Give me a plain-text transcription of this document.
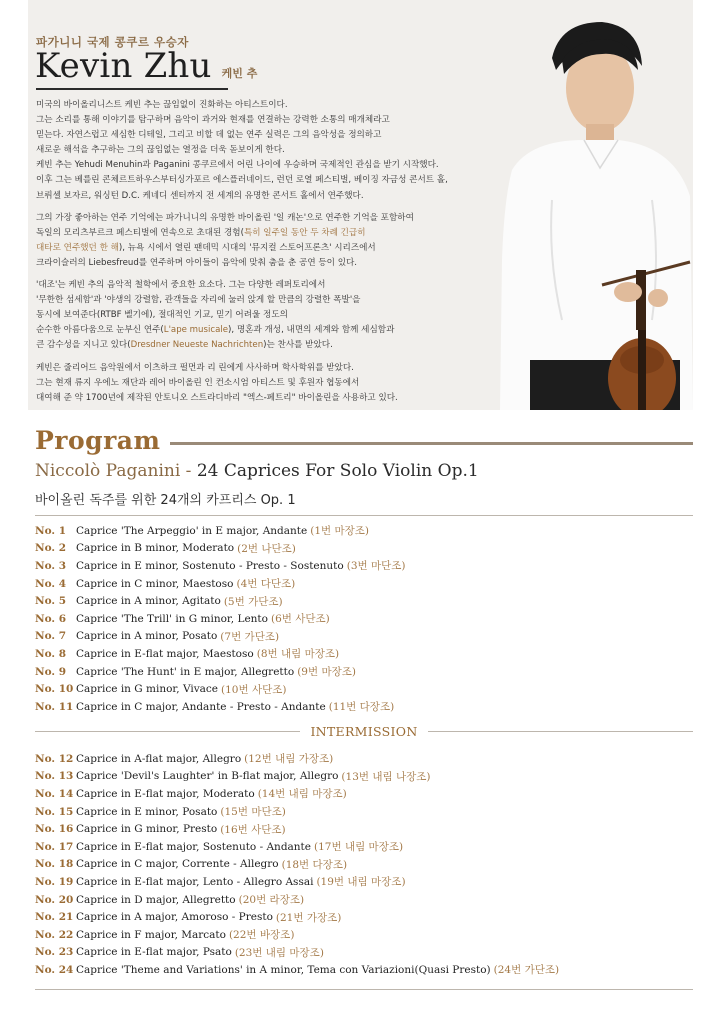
파가니니 국제 콩쿠르 우승자
Kevin Zhu 케빈 추

미국의 바이올리니스트 케빈 추는 끊임없이 진화하는 아티스트이다.
그는 소리를 통해 이야기를 탐구하며 음악이 과거와 현재를 연결하는 강력한 소통의 매개체라고
믿는다. 자연스럽고 세심한 디테일, 그리고 비할 데 없는 연주 실력은 그의 음악성을 정의하고
새로운 해석을 추구하는 그의 끊임없는 열정을 더욱 돋보이게 한다.
케빈 추는 Yehudi Menuhin과 Paganini 콩쿠르에서 어린 나이에 우승하며 국제적인 관심을 받기 시작했다.
이후 그는 베를린 콘체르트하우스부터싱가포르 에스플러네이드, 런던 로열 페스티벌, 베이징 자금성 콘서트 홀,
브뤼셀 보자르, 워싱턴 D.C. 케네디 센터까지 전 세계의 유명한 콘서트 홀에서 연주했다.

그의 가장 좋아하는 연주 기억에는 파가니니의 유명한 바이올린 '일 캐논'으로 연주한 기억을 포함하여
독일의 모리츠부르크 페스티벌에 연속으로 초대된 경험(특히 일주일 동안 두 차례 긴급히
대타로 연주했던 한 해), 뉴욕 시에서 열린 팬데믹 시대의 '뮤지컬 스토어프론츠' 시리즈에서
크라이슬러의 Liebesfreud를 연주하며 아이들이 음악에 맞춰 춤을 춘 공연 등이 있다.

'대조'는 케빈 추의 음악적 철학에서 중요한 요소다. 그는 다양한 레퍼토리에서
'무한한 섬세함'과 '야생의 강렬함, 관객들을 자리에 눌러 앉게 할 만큼의 강렬한 폭발'을
동시에 보여준다(RTBF 벨기에), 절대적인 기교, 믿기 어려울 정도의
순수한 아름다움으로 눈부신 연주(L'ape musicale), 명혼과 개성, 내면의 세계와 함께 세심함과
큰 감수성을 지니고 있다(Dresdner Neueste Nachrichten)는 찬사를 받았다.

케빈은 줄리어드 음악원에서 이츠하크 펄먼과 리 린에게 사사하며 학사학위를 받았다.
그는 현재 류지 우에노 재단과 레어 바이올린 인 컨소시엄 아티스트 및 후원자 협동에서
대여해 준 약 1700년에 제작된 안토니오 스트라디바리 "엑스-페트리" 바이올린을 사용하고 있다.

Program
Niccolò Paganini - 24 Caprices For Solo Violin Op.1
바이올린 독주를 위한 24개의 카프리스 Op. 1
No. 1 Caprice 'The Arpeggio' in E major, Andante (1번 마장조)
No. 2 Caprice in B minor, Moderato (2번 나단조)
No. 3 Caprice in E minor, Sostenuto - Presto - Sostenuto (3번 마단조)
No. 4 Caprice in C minor, Maestoso (4번 다단조)
No. 5 Caprice in A minor, Agitato (5번 가단조)
No. 6 Caprice 'The Trill' in G minor, Lento (6번 사단조)
No. 7 Caprice in A minor, Posato (7번 가단조)
No. 8 Caprice in E-flat major, Maestoso (8번 내림 마장조)
No. 9 Caprice 'The Hunt' in E major, Allegretto (9번 마장조)
No. 10 Caprice in G minor, Vivace (10번 사단조)
No. 11 Caprice in C major, Andante - Presto - Andante (11번 다장조)
INTERMISSION
No. 12 Caprice in A-flat major, Allegro (12번 내림 가장조)
No. 13 Caprice 'Devil's Laughter' in B-flat major, Allegro (13번 내림 나장조)
No. 14 Caprice in E-flat major, Moderato (14번 내림 마장조)
No. 15 Caprice in E minor, Posato (15번 마단조)
No. 16 Caprice in G minor, Presto (16번 사단조)
No. 17 Caprice in E-flat major, Sostenuto - Andante (17번 내림 마장조)
No. 18 Caprice in C major, Corrente - Allegro (18번 다장조)
No. 19 Caprice in E-flat major, Lento - Allegro Assai (19번 내림 마장조)
No. 20 Caprice in D major, Allegretto (20번 라장조)
No. 21 Caprice in A major, Amoroso - Presto (21번 가장조)
No. 22 Caprice in F major, Marcato (22번 바장조)
No. 23 Caprice in E-flat major, Psato (23번 내림 마장조)
No. 24 Caprice 'Theme and Variations' in A minor, Tema con Variazioni(Quasi Presto) (24번 가단조)
